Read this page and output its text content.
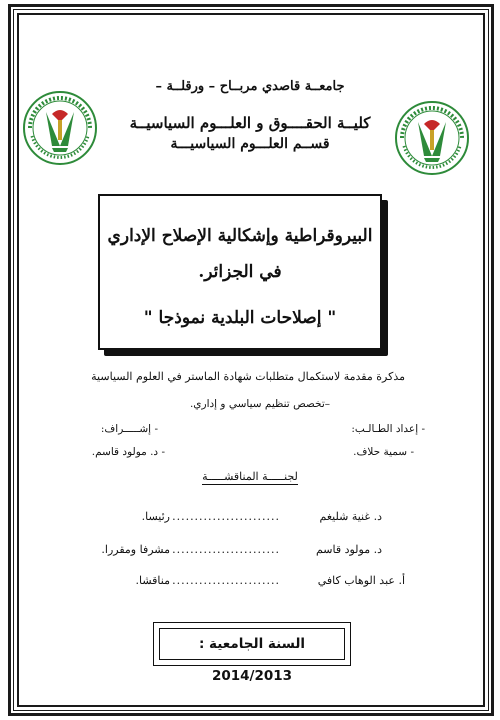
جامعــة قاصدي مربــاح – ورقلــة –
كليــة الحقــــوق و العلـــوم السياسيــة
قســم العلـــوم السياسيـــة
البيروقراطية وإشكالية الإصلاح الإداري
في الجزائر.
" إصلاحات البلدية نموذجا "
مذكرة مقدمة لاستكمال متطلبات شهادة الماستر في العلوم السياسية
–تخصص تنظيم سياسي و إداري.
- إعداد الطـالـب:
- إشـــــراف:
- سمية حلاف.
- د. مولود قاسم.
لجنـــــة المناقشـــــة
د. غنية شليغم
........................
رئيسا.
د. مولود قاسم
........................
مشرفا ومقررا.
أ. عبد الوهاب كافي
........................
مناقشا.
السنة الجامعية : 2014/2013
